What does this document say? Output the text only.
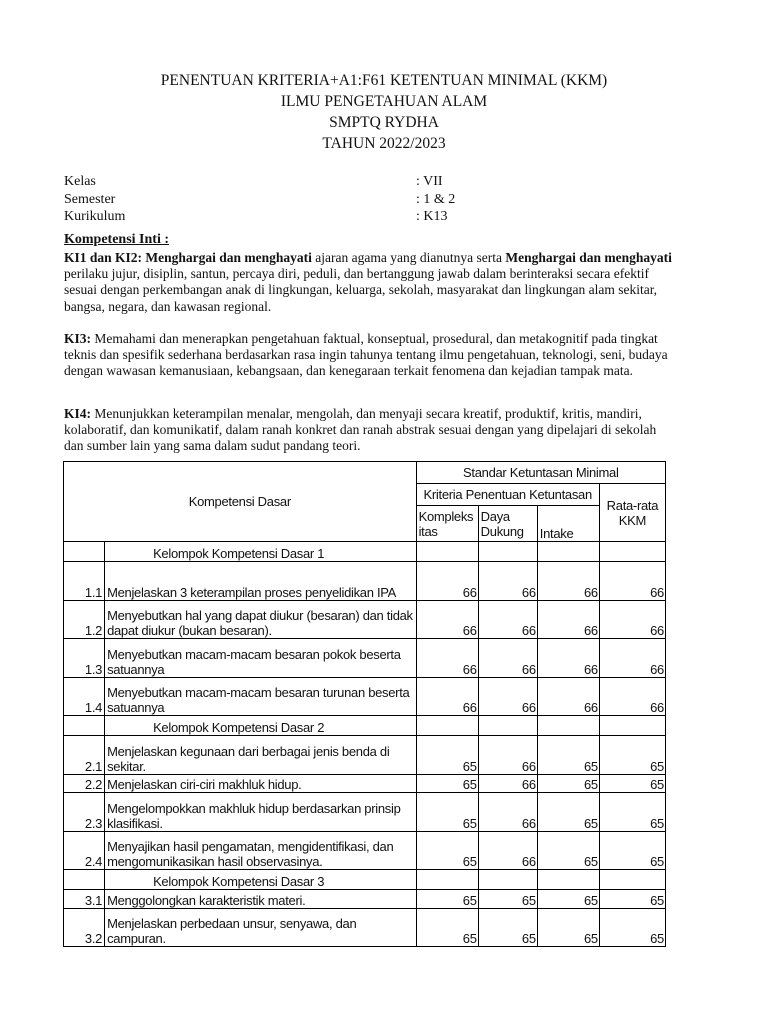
PENENTUAN KRITERIA+A1:F61 KETENTUAN MINIMAL (KKM)
ILMU PENGETAHUAN ALAM
SMPTQ RYDHA
TAHUN 2022/2023
Kelas	: VII
Semester	: 1 & 2
Kurikulum	: K13
Kompetensi Inti :
KI1 dan KI2: Menghargai dan menghayati ajaran agama yang dianutnya serta Menghargai dan menghayati perilaku jujur, disiplin, santun, percaya diri, peduli, dan bertanggung jawab dalam berinteraksi secara efektif sesuai dengan perkembangan anak di lingkungan, keluarga, sekolah, masyarakat dan lingkungan alam sekitar, bangsa, negara, dan kawasan regional.
KI3: Memahami dan menerapkan pengetahuan faktual, konseptual, prosedural, dan metakognitif pada tingkat teknis dan spesifik sederhana berdasarkan rasa ingin tahunya tentang ilmu pengetahuan, teknologi, seni, budaya dengan wawasan kemanusiaan, kebangsaan, dan kenegaraan terkait fenomena dan kejadian tampak mata.
KI4: Menunjukkan keterampilan menalar, mengolah, dan menyaji secara kreatif, produktif, kritis, mandiri, kolaboratif, dan komunikatif, dalam ranah konkret dan ranah abstrak sesuai dengan yang dipelajari di sekolah dan sumber lain yang sama dalam sudut pandang teori.
Kompetensi Dasar		Standar Ketuntasan Minimal			
		Kriteria Penentuan Ketuntasan			Rata-rata KKM
		Kompleks itas	Daya Dukung	Intake	
	Kelompok Kompetensi Dasar 1				
1.1	Menjelaskan 3 keterampilan proses penyelidikan IPA	66	66	66	66
1.2	Menyebutkan hal yang dapat diukur (besaran) dan tidak dapat diukur (bukan besaran).	66	66	66	66
1.3	Menyebutkan macam-macam besaran pokok beserta satuannya	66	66	66	66
1.4	Menyebutkan macam-macam besaran turunan beserta satuannya	66	66	66	66
	Kelompok Kompetensi Dasar 2				
2.1	Menjelaskan kegunaan dari berbagai jenis benda di sekitar.	65	66	65	65
2.2	Menjelaskan ciri-ciri makhluk hidup.	65	66	65	65
2.3	Mengelompokkan makhluk hidup berdasarkan prinsip klasifikasi.	65	66	65	65
2.4	Menyajikan hasil pengamatan, mengidentifikasi, dan mengomunikasikan hasil observasinya.	65	66	65	65
	Kelompok Kompetensi Dasar 3				
3.1	Menggolongkan karakteristik materi.	65	65	65	65
3.2	Menjelaskan perbedaan unsur, senyawa, dan campuran.	65	65	65	65
